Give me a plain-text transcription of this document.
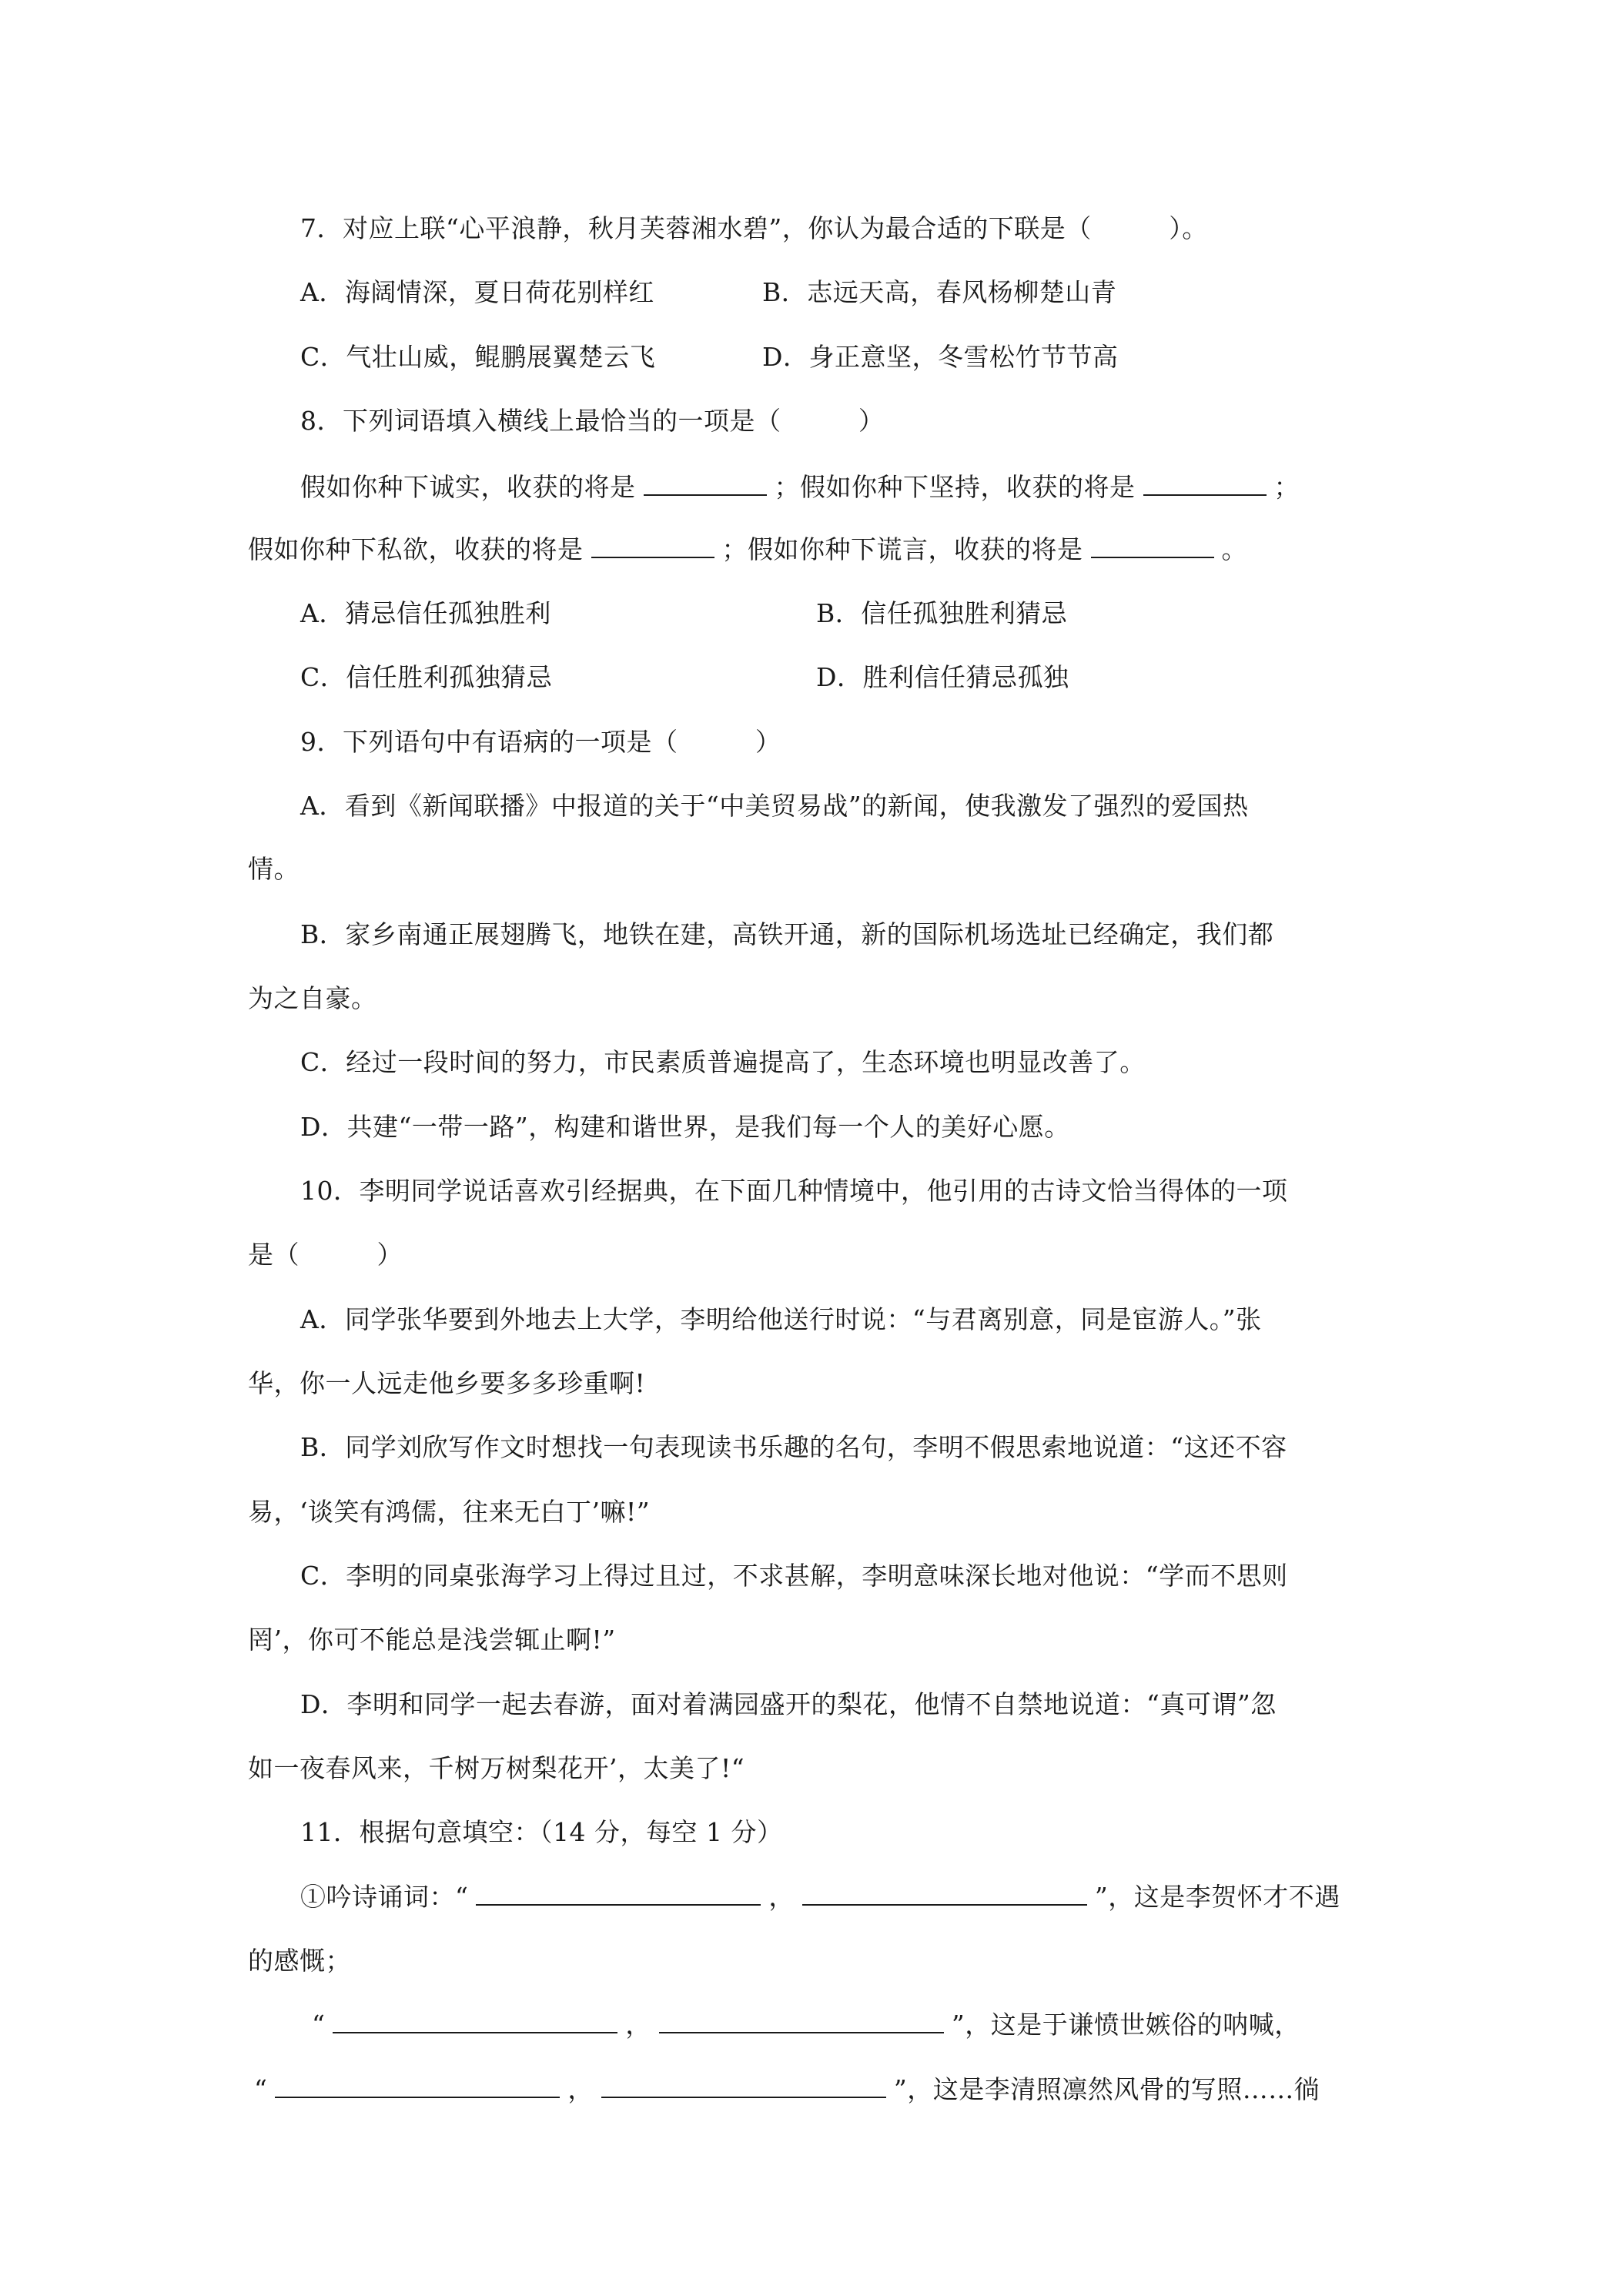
7．对应上联“心平浪静，秋月芙蓉湘水碧”，你认为最合适的下联是（　　　）。
A．海阔情深，夏日荷花别样红	B．志远天高，春风杨柳楚山青
C．气壮山威，鲲鹏展翼楚云飞	D．身正意坚，冬雪松竹节节高
8．下列词语填入横线上最恰当的一项是（　　　）
假如你种下诚实，收获的将是	；假如你种下坚持，收获的将是	；
假如你种下私欲，收获的将是	；假如你种下谎言，收获的将是	。
A．猜忌信任孤独胜利	B．信任孤独胜利猜忌
C．信任胜利孤独猜忌	D．胜利信任猜忌孤独
9．下列语句中有语病的一项是（　　　）
A．看到《新闻联播》中报道的关于“中美贸易战”的新闻，使我激发了强烈的爱国热
情。
B．家乡南通正展翅腾飞，地铁在建，高铁开通，新的国际机场选址已经确定，我们都
为之自豪。
C．经过一段时间的努力，市民素质普遍提高了，生态环境也明显改善了。
D．共建“一带一路”，构建和谐世界，是我们每一个人的美好心愿。
10．李明同学说话喜欢引经据典，在下面几种情境中，他引用的古诗文恰当得体的一项
是（　　　）
A．同学张华要到外地去上大学，李明给他送行时说：“与君离别意，同是宦游人。”张
华，你一人远走他乡要多多珍重啊!
B．同学刘欣写作文时想找一句表现读书乐趣的名句，李明不假思索地说道：“这还不容
易，‘谈笑有鸿儒，往来无白丁’嘛!”
C．李明的同桌张海学习上得过且过，不求甚解，李明意味深长地对他说：“学而不思则
罔’，你可不能总是浅尝辄止啊!”
D．李明和同学一起去春游，面对着满园盛开的梨花，他情不自禁地说道：“真可谓”忽
如一夜春风来，千树万树梨花开’，太美了!“
11．根据句意填空：（14 分，每空 1 分）
①吟诗诵词：“	，	”，这是李贺怀才不遇
的感慨；
“	，	”，这是于谦愤世嫉俗的呐喊，
“	，	”，这是李清照凛然风骨的写照……徜
